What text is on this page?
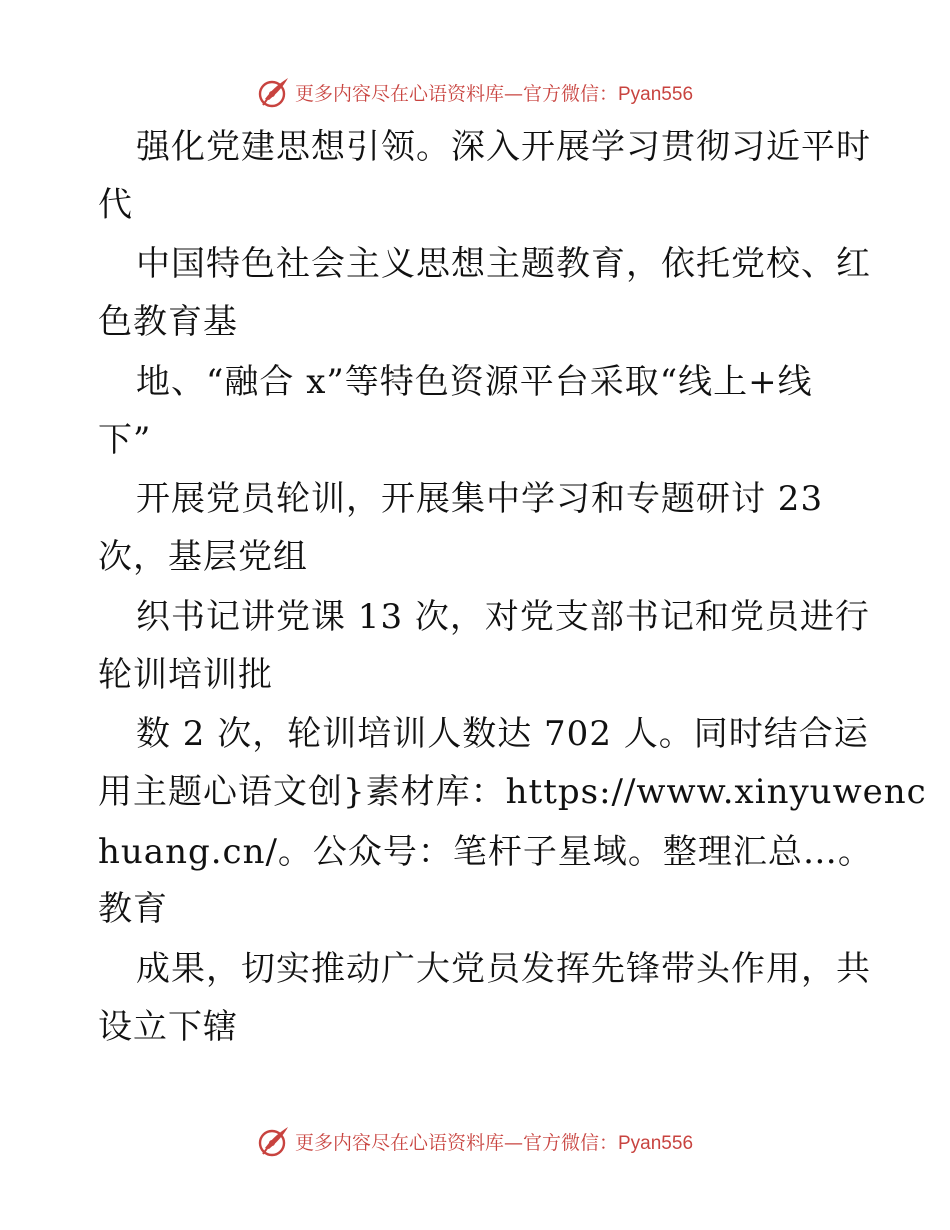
更多内容尽在心语资料库—官方微信：Pyan556
强化党建思想引领。深入开展学习贯彻习近平时
代
中国特色社会主义思想主题教育，依托党校、红
色教育基
地、“融合 x”等特色资源平台采取“线上+线
下”
开展党员轮训，开展集中学习和专题研讨 23
次，基层党组
织书记讲党课 13 次，对党支部书记和党员进行
轮训培训批
数 2 次，轮训培训人数达 702 人。同时结合运
用主题心语文创}素材库：https://www.xinyuwenc
huang.cn/。公众号：笔杆子星域。整理汇总…。
教育
成果，切实推动广大党员发挥先锋带头作用，共
设立下辖
更多内容尽在心语资料库—官方微信：Pyan556
